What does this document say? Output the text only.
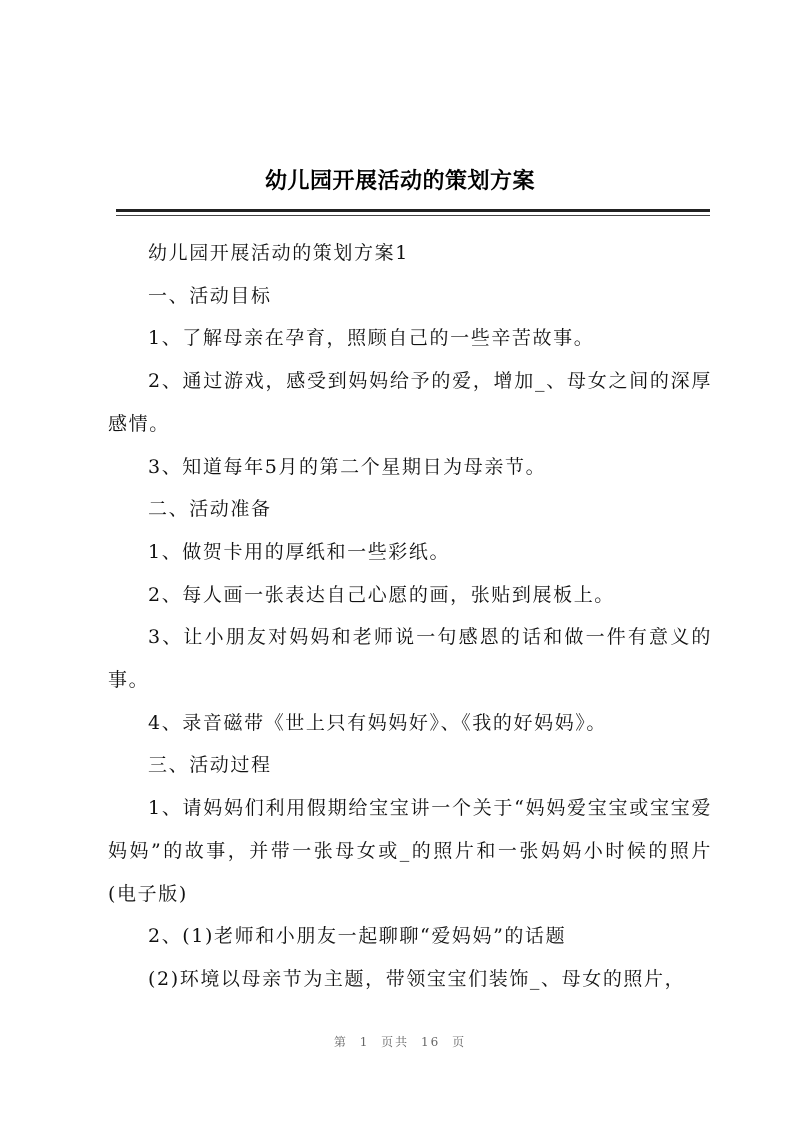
幼儿园开展活动的策划方案

幼儿园开展活动的策划方案1

一、活动目标

1、了解母亲在孕育，照顾自己的一些辛苦故事。

2、通过游戏，感受到妈妈给予的爱，增加_、母女之间的深厚感情。

3、知道每年5月的第二个星期日为母亲节。

二、活动准备

1、做贺卡用的厚纸和一些彩纸。

2、每人画一张表达自己心愿的画，张贴到展板上。

3、让小朋友对妈妈和老师说一句感恩的话和做一件有意义的事。

4、录音磁带《世上只有妈妈好》、《我的好妈妈》。

三、活动过程

1、请妈妈们利用假期给宝宝讲一个关于“妈妈爱宝宝或宝宝爱妈妈”的故事，并带一张母女或_的照片和一张妈妈小时候的照片(电子版)

2、(1)老师和小朋友一起聊聊“爱妈妈”的话题

(2)环境以母亲节为主题，带领宝宝们装饰_、母女的照片，

第 1 页共 16 页
